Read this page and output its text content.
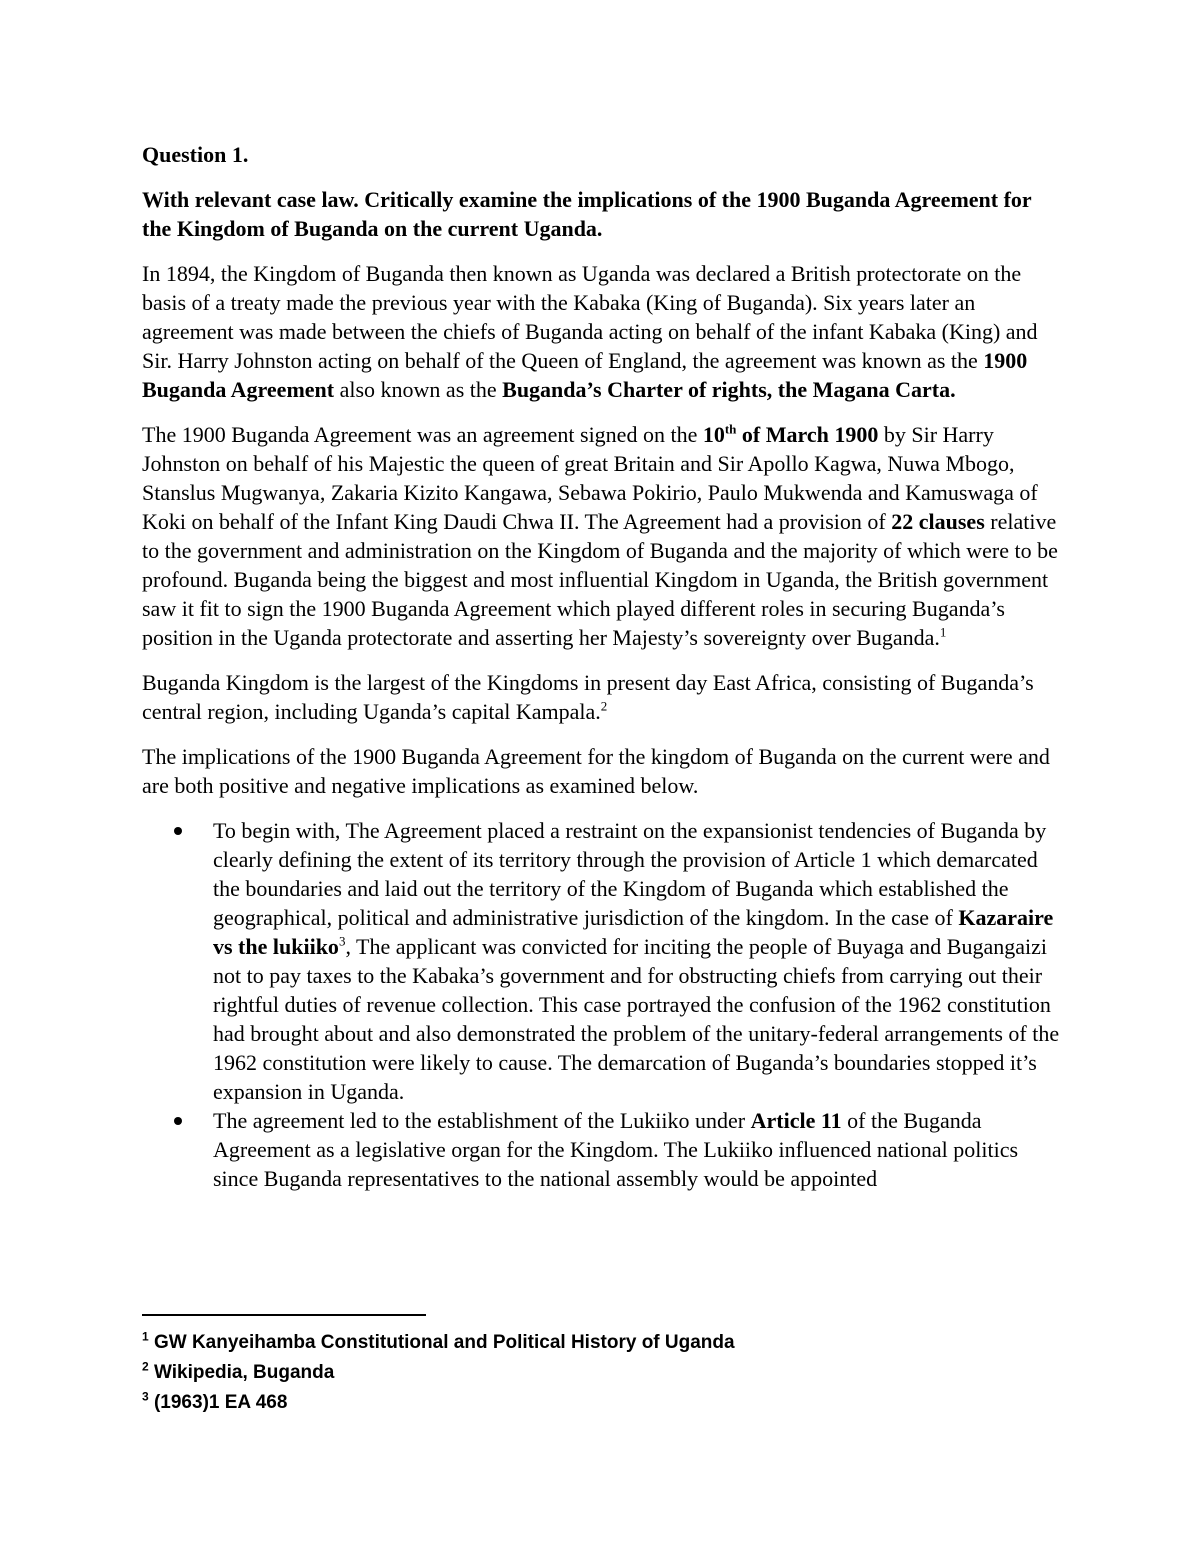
Question 1.
With relevant case law. Critically examine the implications of the 1900 Buganda Agreement for the Kingdom of Buganda on the current Uganda.

In 1894, the Kingdom of Buganda then known as Uganda was declared a British protectorate on the basis of a treaty made the previous year with the Kabaka (King of Buganda). Six years later an agreement was made between the chiefs of Buganda acting on behalf of the infant Kabaka (King) and Sir. Harry Johnston acting on behalf of the Queen of England, the agreement was known as the 1900 Buganda Agreement also known as the Buganda’s Charter of rights, the Magana Carta.

The 1900 Buganda Agreement was an agreement signed on the 10th of March 1900 by Sir Harry Johnston on behalf of his Majestic the queen of great Britain and Sir Apollo Kagwa, Nuwa Mbogo, Stanslus Mugwanya, Zakaria Kizito Kangawa, Sebawa Pokirio, Paulo Mukwenda and Kamuswaga of Koki on behalf of the Infant King Daudi Chwa II. The Agreement had a provision of 22 clauses relative to the government and administration on the Kingdom of Buganda and the majority of which were to be profound. Buganda being the biggest and most influential Kingdom in Uganda, the British government saw it fit to sign the 1900 Buganda Agreement which played different roles in securing Buganda’s position in the Uganda protectorate and asserting her Majesty’s sovereignty over Buganda.$^1$

Buganda Kingdom is the largest of the Kingdoms in present day East Africa, consisting of Buganda’s central region, including Uganda’s capital Kampala.$^2$

The implications of the 1900 Buganda Agreement for the kingdom of Buganda on the current were and are both positive and negative implications as examined below.

To begin with, The Agreement placed a restraint on the expansionist tendencies of Buganda by clearly defining the extent of its territory through the provision of Article 1 which demarcated the boundaries and laid out the territory of the Kingdom of Buganda which established the geographical, political and administrative jurisdiction of the kingdom. In the case of Kazaraire vs the lukiiko$^3$, The applicant was convicted for inciting the people of Buyaga and Bugangaizi not to pay taxes to the Kabaka’s government and for obstructing chiefs from carrying out their rightful duties of revenue collection. This case portrayed the confusion of the 1962 constitution had brought about and also demonstrated the problem of the unitary-federal arrangements of the 1962 constitution were likely to cause. The demarcation of Buganda’s boundaries stopped it’s expansion in Uganda.
The agreement led to the establishment of the Lukiiko under Article 11 of the Buganda Agreement as a legislative organ for the Kingdom. The Lukiiko influenced national politics since Buganda representatives to the national assembly would be appointed
$^1$ GW Kanyeihamba Constitutional and Political History of Uganda
$^2$ Wikipedia, Buganda
$^3$ (1963)1 EA 468
